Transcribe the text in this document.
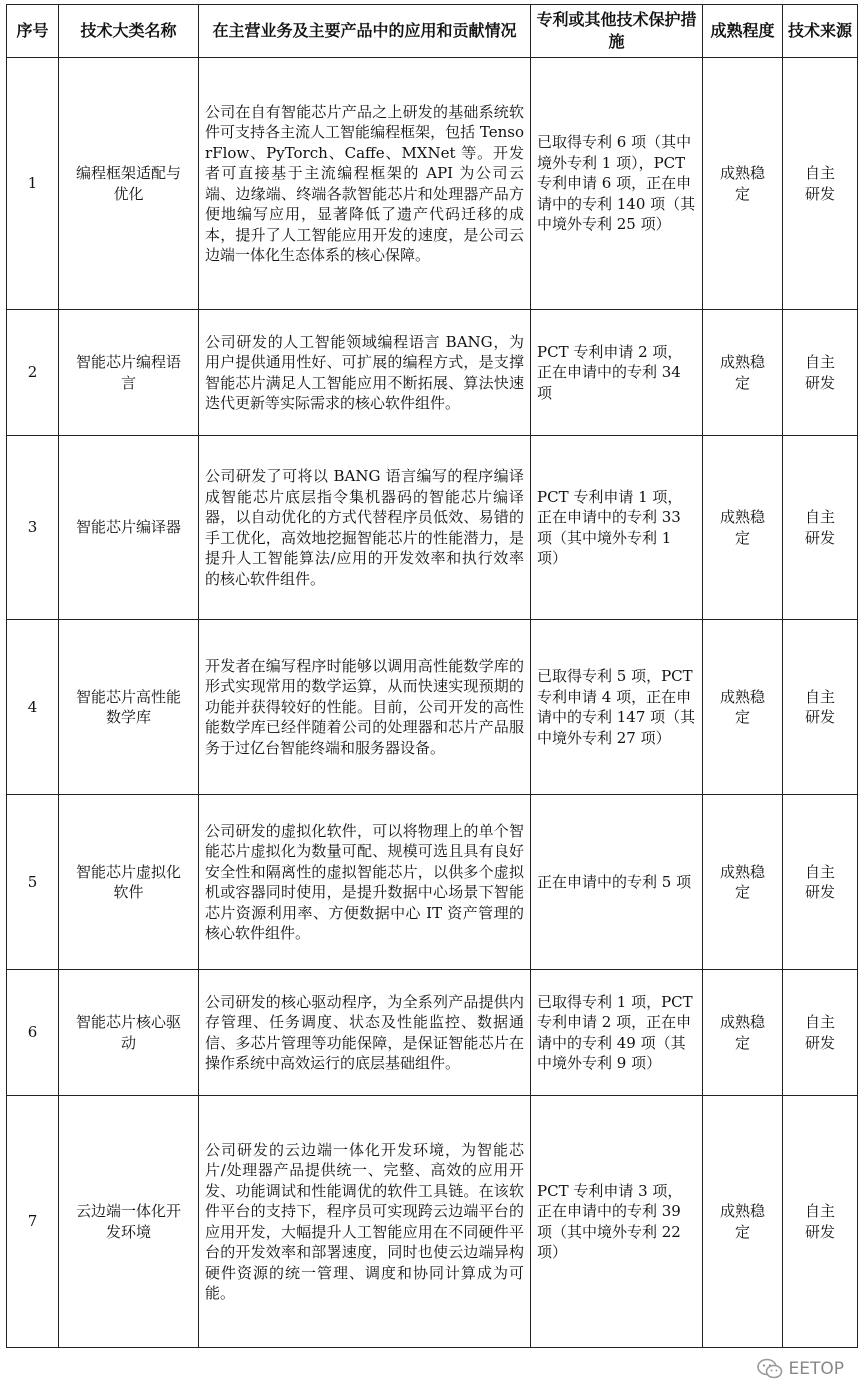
序号	技术大类名称	在主营业务及主要产品中的应用和贡献情况	专利或其他技术保护措施	成熟程度	技术来源
1	编程框架适配与优化	公司在自有智能芯片产品之上研发的基础系统软件可支持各主流人工智能编程框架，包括 TensorFlow、PyTorch、Caffe、MXNet 等。开发者可直接基于主流编程框架的 API 为公司云端、边缘端、终端各款智能芯片和处理器产品方便地编写应用，显著降低了遗产代码迁移的成本，提升了人工智能应用开发的速度，是公司云边端一体化生态体系的核心保障。	已取得专利 6 项（其中境外专利 1 项），PCT 专利申请 6 项，正在申请中的专利 140 项（其中境外专利 25 项）	成熟稳定	自主研发
2	智能芯片编程语言	公司研发的人工智能领域编程语言 BANG，为用户提供通用性好、可扩展的编程方式，是支撑智能芯片满足人工智能应用不断拓展、算法快速迭代更新等实际需求的核心软件组件。	PCT 专利申请 2 项，正在申请中的专利 34 项	成熟稳定	自主研发
3	智能芯片编译器	公司研发了可将以 BANG 语言编写的程序编译成智能芯片底层指令集机器码的智能芯片编译器，以自动优化的方式代替程序员低效、易错的手工优化，高效地挖掘智能芯片的性能潜力，是提升人工智能算法/应用的开发效率和执行效率的核心软件组件。	PCT 专利申请 1 项，正在申请中的专利 33 项（其中境外专利 1 项）	成熟稳定	自主研发
4	智能芯片高性能数学库	开发者在编写程序时能够以调用高性能数学库的形式实现常用的数学运算，从而快速实现预期的功能并获得较好的性能。目前，公司开发的高性能数学库已经伴随着公司的处理器和芯片产品服务于过亿台智能终端和服务器设备。	已取得专利 5 项，PCT 专利申请 4 项，正在申请中的专利 147 项（其中境外专利 27 项）	成熟稳定	自主研发
5	智能芯片虚拟化软件	公司研发的虚拟化软件，可以将物理上的单个智能芯片虚拟化为数量可配、规模可选且具有良好安全性和隔离性的虚拟智能芯片，以供多个虚拟机或容器同时使用，是提升数据中心场景下智能芯片资源利用率、方便数据中心 IT 资产管理的核心软件组件。	正在申请中的专利 5 项	成熟稳定	自主研发
6	智能芯片核心驱动	公司研发的核心驱动程序，为全系列产品提供内存管理、任务调度、状态及性能监控、数据通信、多芯片管理等功能保障，是保证智能芯片在操作系统中高效运行的底层基础组件。	已取得专利 1 项，PCT 专利申请 2 项，正在申请中的专利 49 项（其中境外专利 9 项）	成熟稳定	自主研发
7	云边端一体化开发环境	公司研发的云边端一体化开发环境，为智能芯片/处理器产品提供统一、完整、高效的应用开发、功能调试和性能调优的软件工具链。在该软件平台的支持下，程序员可实现跨云边端平台的应用开发，大幅提升人工智能应用在不同硬件平台的开发效率和部署速度，同时也使云边端异构硬件资源的统一管理、调度和协同计算成为可能。	PCT 专利申请 3 项，正在申请中的专利 39 项（其中境外专利 22 项）	成熟稳定	自主研发
EETOP
